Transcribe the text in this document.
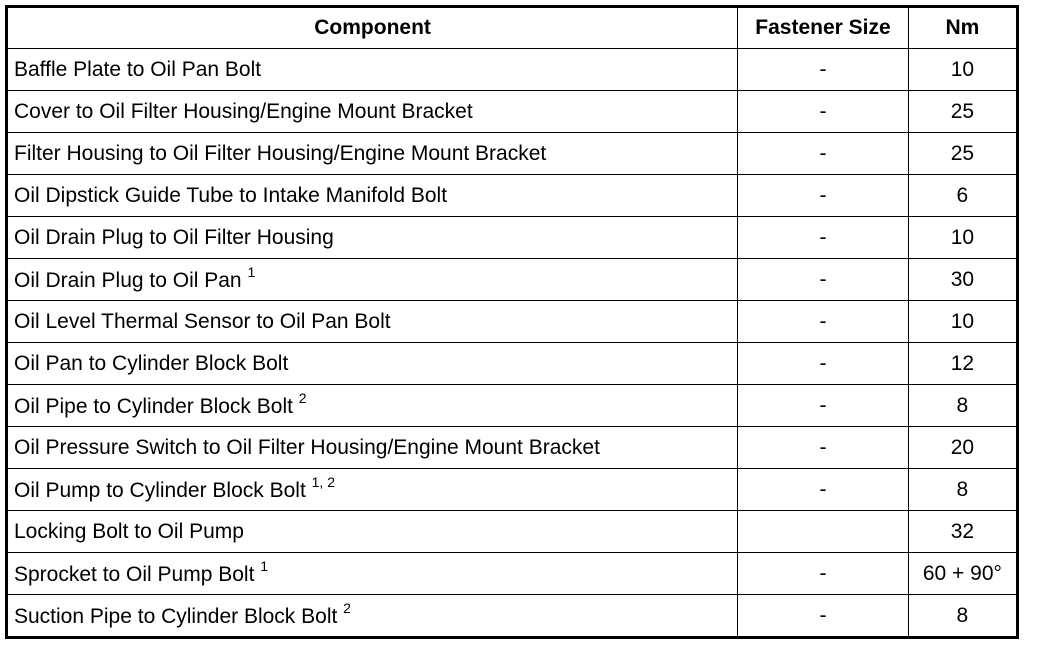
Component	Fastener Size	Nm
Baffle Plate to Oil Pan Bolt	-	10
Cover to Oil Filter Housing/Engine Mount Bracket	-	25
Filter Housing to Oil Filter Housing/Engine Mount Bracket	-	25
Oil Dipstick Guide Tube to Intake Manifold Bolt	-	6
Oil Drain Plug to Oil Filter Housing	-	10
Oil Drain Plug to Oil Pan $^1$	-	30
Oil Level Thermal Sensor to Oil Pan Bolt	-	10
Oil Pan to Cylinder Block Bolt	-	12
Oil Pipe to Cylinder Block Bolt $^2$	-	8
Oil Pressure Switch to Oil Filter Housing/Engine Mount Bracket	-	20
Oil Pump to Cylinder Block Bolt $^{1, 2}$	-	8
Locking Bolt to Oil Pump		32
Sprocket to Oil Pump Bolt $^1$	-	60 + 90°
Suction Pipe to Cylinder Block Bolt $^2$	-	8
